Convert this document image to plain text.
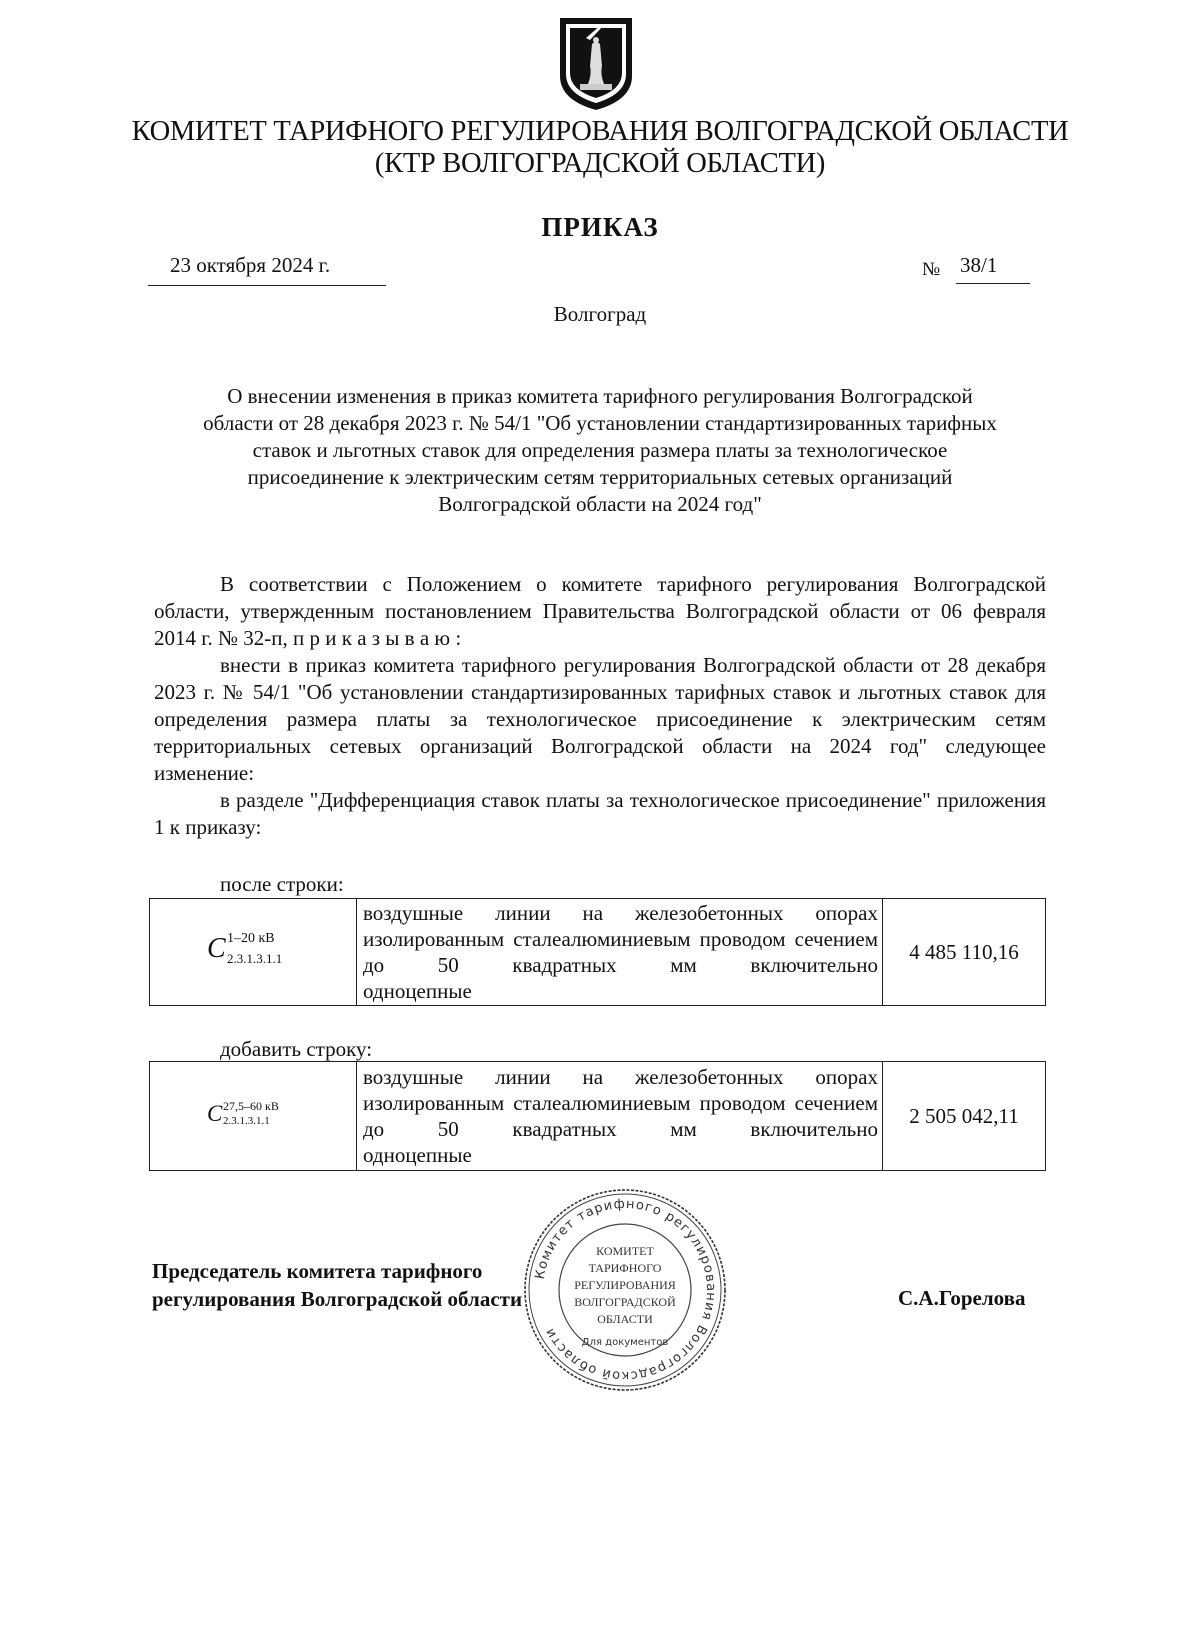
КОМИТЕТ ТАРИФНОГО РЕГУЛИРОВАНИЯ ВОЛГОГРАДСКОЙ ОБЛАСТИ
(КТР ВОЛГОГРАДСКОЙ ОБЛАСТИ)
ПРИКАЗ
23 октября 2024 г.	№ 38/1
Волгоград
О внесении изменения в приказ комитета тарифного регулирования Волгоградской области от 28 декабря 2023 г. № 54/1 "Об установлении стандартизированных тарифных ставок и льготных ставок для определения размера платы за технологическое присоединение к электрическим сетям территориальных сетевых организаций Волгоградской области на 2024 год"
В соответствии с Положением о комитете тарифного регулирования Волгоградской области, утвержденным постановлением Правительства Волгоградской области от 06 февраля 2014 г. № 32-п, п р и к а з ы в а ю :
внести в приказ комитета тарифного регулирования Волгоградской области от 28 декабря 2023 г. № 54/1 "Об установлении стандартизированных тарифных ставок и льготных ставок для определения размера платы за технологическое присоединение к электрическим сетям территориальных сетевых организаций Волгоградской области на 2024 год" следующее изменение:
в разделе "Дифференциация ставок платы за технологическое присоединение" приложения 1 к приказу:
после строки:
C 1–20 кВ
2.3.1.3.1.1
	воздушные линии на железобетонных опорах изолированным сталеалюминиевым проводом сечением до 50 квадратных мм включительно
одноцепные
	4 485 110,16
добавить строку:
C 27,5–60 кВ
2.3.1.3.1.1
	воздушные линии на железобетонных опорах изолированным сталеалюминиевым проводом сечением до 50 квадратных мм включительно
одноцепные
	2 505 042,11
Председатель комитета тарифного
регулирования Волгоградской области	С.А.Горелова
Комитет тарифного регулирования Волгоградской области
КОМИТЕТ
ТАРИФНОГО
РЕГУЛИРОВАНИЯ
ВОЛГОГРАДСКОЙ
ОБЛАСТИ
Для документов
